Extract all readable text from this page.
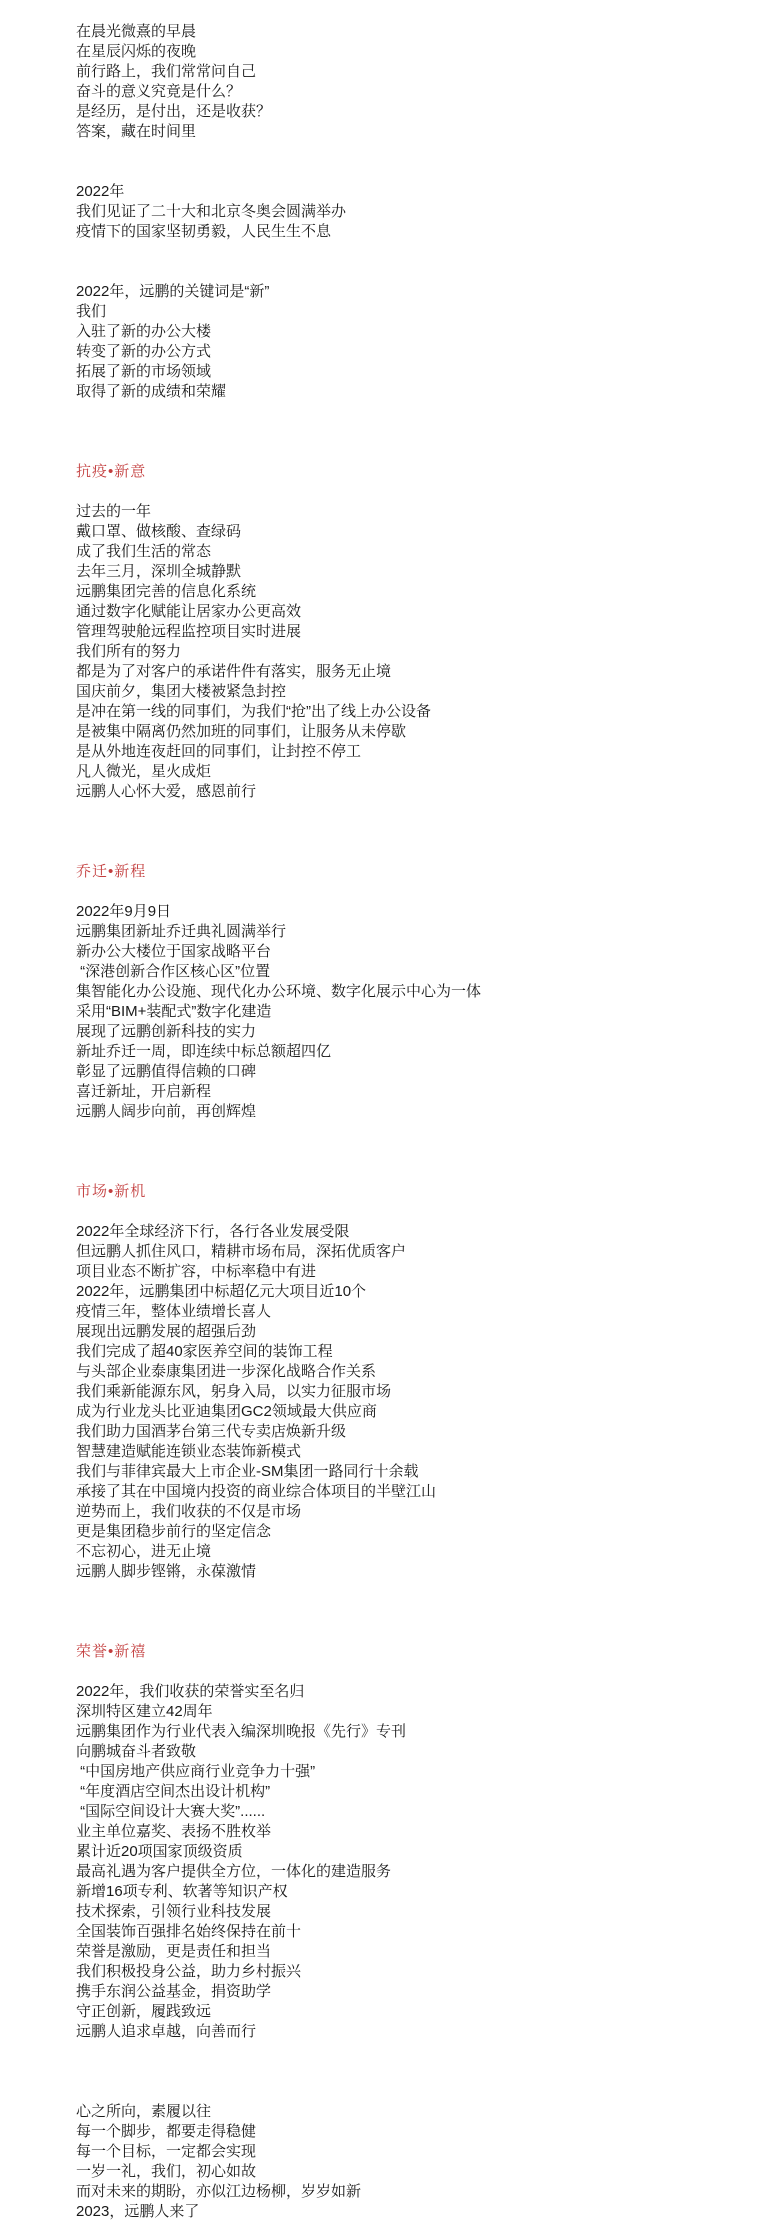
在晨光微熹的早晨
在星辰闪烁的夜晚
前行路上，我们常常问自己
奋斗的意义究竟是什么？
是经历，是付出，还是收获？
答案，藏在时间里
2022年
我们见证了二十大和北京冬奥会圆满举办
疫情下的国家坚韧勇毅，人民生生不息
2022年，远鹏的关键词是“新”
我们
入驻了新的办公大楼
转变了新的办公方式
拓展了新的市场领域
取得了新的成绩和荣耀
抗疫•新意
过去的一年
戴口罩、做核酸、查绿码
成了我们生活的常态
去年三月，深圳全城静默
远鹏集团完善的信息化系统
通过数字化赋能让居家办公更高效
管理驾驶舱远程监控项目实时进展
我们所有的努力
都是为了对客户的承诺件件有落实，服务无止境
国庆前夕，集团大楼被紧急封控
是冲在第一线的同事们，为我们“抢”出了线上办公设备
是被集中隔离仍然加班的同事们，让服务从未停歇
是从外地连夜赶回的同事们，让封控不停工
凡人微光，星火成炬
远鹏人心怀大爱，感恩前行
乔迁•新程
2022年9月9日
远鹏集团新址乔迁典礼圆满举行
新办公大楼位于国家战略平台
“深港创新合作区核心区”位置
集智能化办公设施、现代化办公环境、数字化展示中心为一体
采用“BIM+装配式”数字化建造
展现了远鹏创新科技的实力
新址乔迁一周，即连续中标总额超四亿
彰显了远鹏值得信赖的口碑
喜迁新址，开启新程
远鹏人阔步向前，再创辉煌
市场•新机
2022年全球经济下行，各行各业发展受限
但远鹏人抓住风口，精耕市场布局，深拓优质客户
项目业态不断扩容，中标率稳中有进
2022年，远鹏集团中标超亿元大项目近10个
疫情三年，整体业绩增长喜人
展现出远鹏发展的超强后劲
我们完成了超40家医养空间的装饰工程
与头部企业泰康集团进一步深化战略合作关系
我们乘新能源东风，躬身入局，以实力征服市场
成为行业龙头比亚迪集团GC2领域最大供应商
我们助力国酒茅台第三代专卖店焕新升级
智慧建造赋能连锁业态装饰新模式
我们与菲律宾最大上市企业-SM集团一路同行十余载
承接了其在中国境内投资的商业综合体项目的半壁江山
逆势而上，我们收获的不仅是市场
更是集团稳步前行的坚定信念
不忘初心，进无止境
远鹏人脚步铿锵，永葆激情
荣誉•新禧
2022年，我们收获的荣誉实至名归
深圳特区建立42周年
远鹏集团作为行业代表入编深圳晚报《先行》专刊
向鹏城奋斗者致敬
“中国房地产供应商行业竞争力十强”
“年度酒店空间杰出设计机构”
“国际空间设计大赛大奖”......
业主单位嘉奖、表扬不胜枚举
累计近20项国家顶级资质
最高礼遇为客户提供全方位，一体化的建造服务
新增16项专利、软著等知识产权
技术探索，引领行业科技发展
全国装饰百强排名始终保持在前十
荣誉是激励，更是责任和担当
我们积极投身公益，助力乡村振兴
携手东润公益基金，捐资助学
守正创新，履践致远
远鹏人追求卓越，向善而行
心之所向，素履以往
每一个脚步，都要走得稳健
每一个目标，一定都会实现
一岁一礼，我们，初心如故
而对未来的期盼，亦似江边杨柳，岁岁如新
2023，远鹏人来了
